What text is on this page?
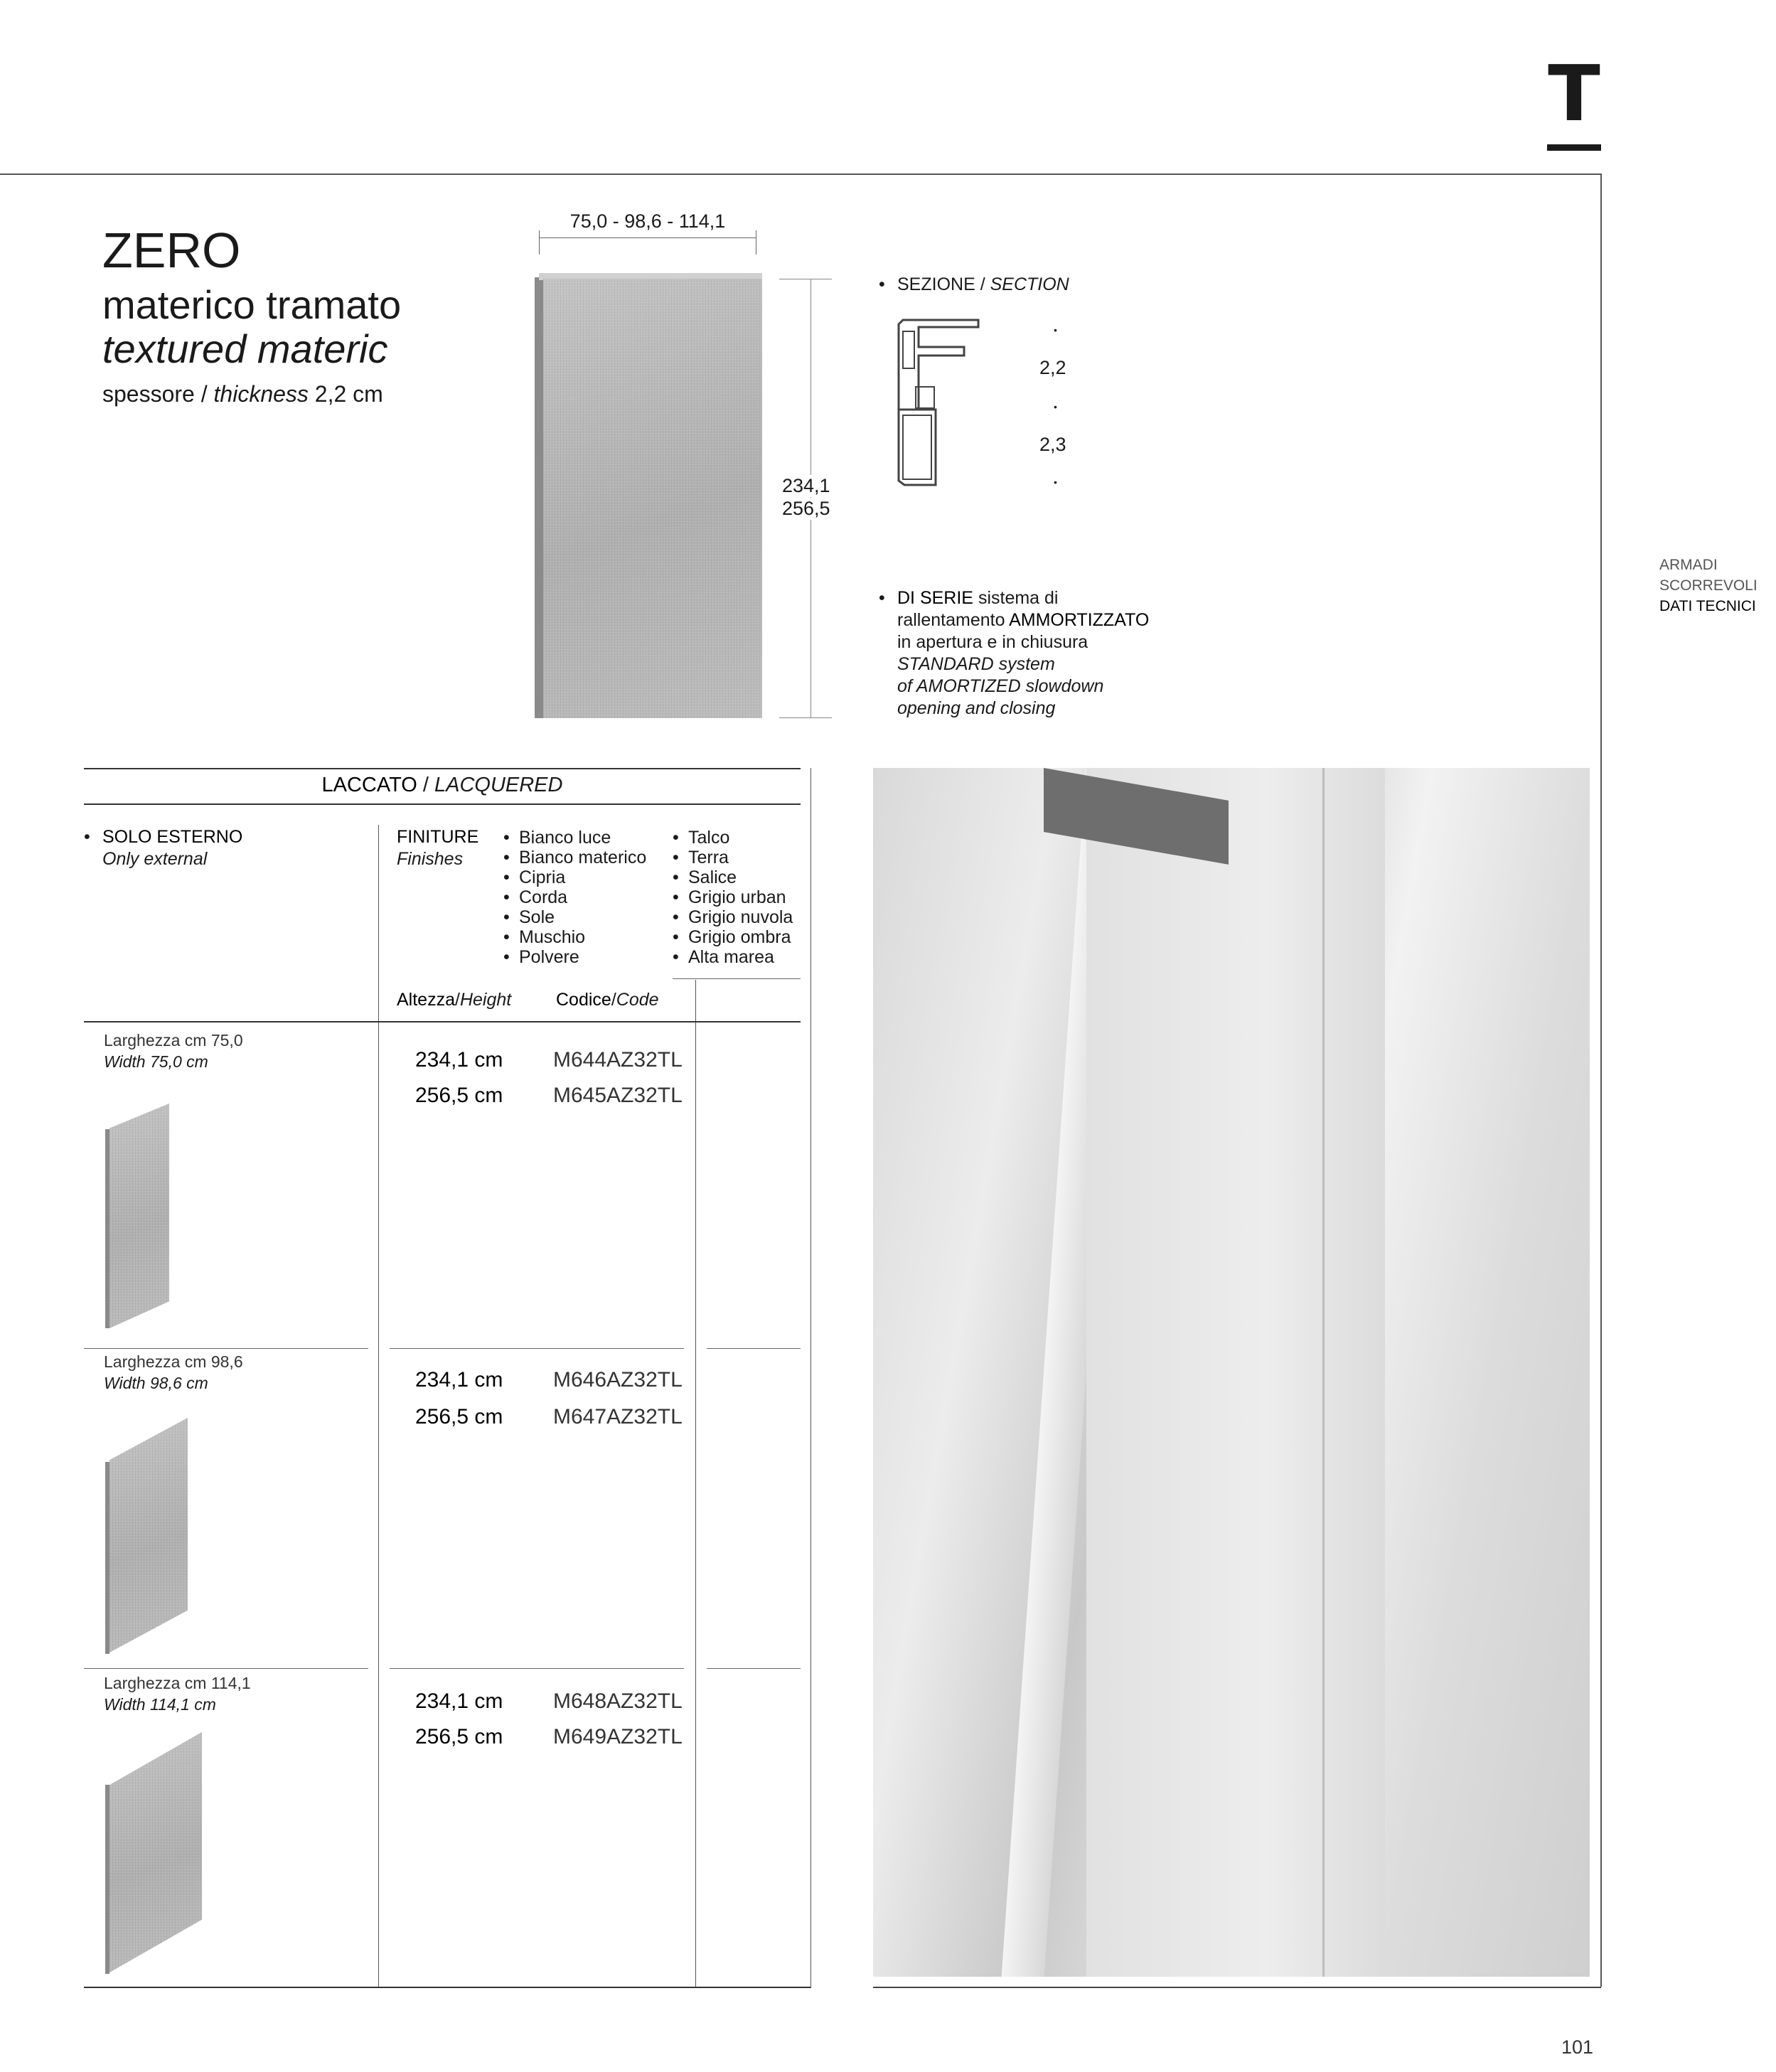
T
ZERO
materico tramato
textured materic
spessore / thickness 2,2 cm
75,0 - 98,6 - 114,1
234,1
256,5
• SEZIONE / SECTION
•
2,2
•
2,3
•
• DI SERIE sistema di
rallentamento AMMORTIZZATO
in apertura e in chiusura
STANDARD system
of AMORTIZED slowdown
opening and closing
ARMADI
SCORREVOLI
DATI TECNICI
LACCATO / LACQUERED
• SOLO ESTERNO
Only external
FINITURE
Finishes
• Bianco luce
• Bianco materico
• Cipria
• Corda
• Sole
• Muschio
• Polvere
• Talco
• Terra
• Salice
• Grigio urban
• Grigio nuvola
• Grigio ombra
• Alta marea
Altezza/Height	Codice/Code
Larghezza cm 75,0
Width 75,0 cm	234,1 cm M644AZ32TL
256,5 cm M645AZ32TL
Larghezza cm 98,6
Width 98,6 cm	234,1 cm M646AZ32TL
256,5 cm M647AZ32TL
Larghezza cm 114,1
Width 114,1 cm	234,1 cm M648AZ32TL
256,5 cm M649AZ32TL
101
